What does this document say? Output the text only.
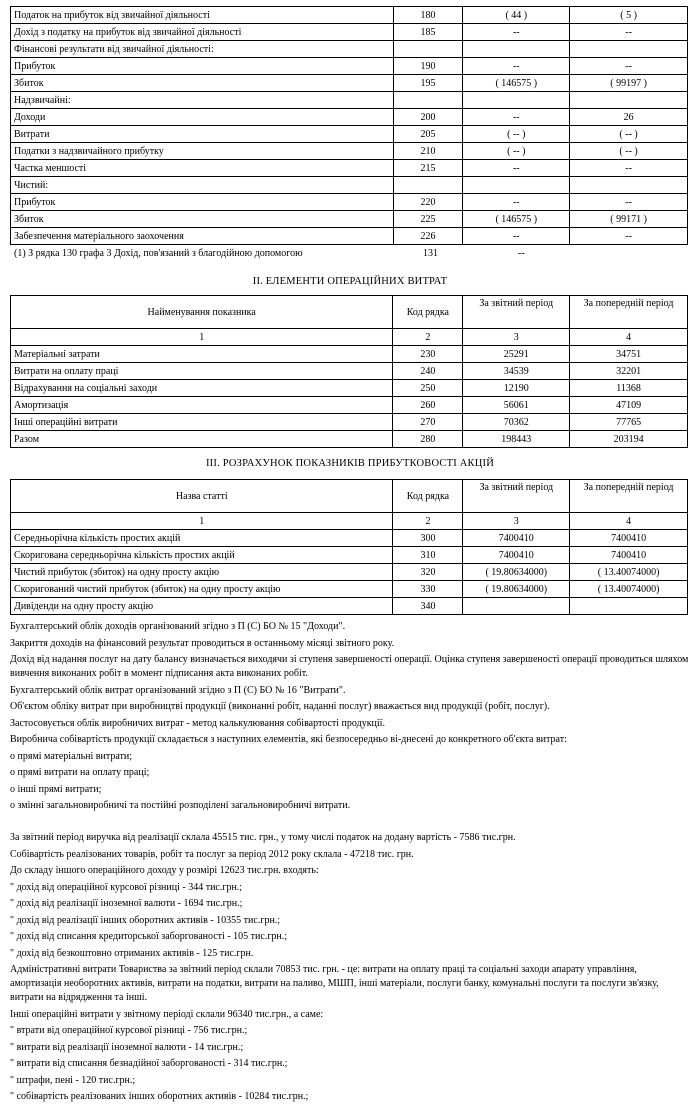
Податок на прибуток від звичайної діяльності	180	( 44 )	( 5 )
Дохід з податку на прибуток від звичайної діяльності	185	--	--
Фінансові результати від звичайної діяльності:			
Прибуток	190	--	--
Збиток	195	( 146575 )	( 99197 )
Надзвичайні:			
Доходи	200	--	26
Витрати	205	( -- )	( -- )
Податки з надзвичайного прибутку	210	( -- )	( -- )
Частка меншості	215	--	--
Чистий:			
Прибуток	220	--	--
Збиток	225	( 146575 )	( 99171 )
Забезпечення матеріального заохочення	226	--	--
(1) З рядка 130 графа 3 Дохід, пов'язаний з благодійною допомогою	131	--
II. ЕЛЕМЕНТИ ОПЕРАЦІЙНИХ ВИТРАТ
Найменування показника	Код рядка	За звітний період	За попередній період
1	2	3	4
Матеріальні затрати	230	25291	34751
Витрати на оплату праці	240	34539	32201
Відрахування на соціальні заходи	250	12190	11368
Амортизація	260	56061	47109
Інші операційні витрати	270	70362	77765
Разом	280	198443	203194
III. РОЗРАХУНОК ПОКАЗНИКІВ ПРИБУТКОВОСТІ АКЦІЙ
Назва статті	Код рядка	За звітний період	За попередній період
1	2	3	4
Середньорічна кількість простих акцій	300	7400410	7400410
Скоригована середньорічна кількість простих акцій	310	7400410	7400410
Чистий прибуток (збиток) на одну просту акцію	320	( 19.80634000)	( 13.40074000)
Скоригований чистий прибуток (збиток) на одну просту акцію	330	( 19.80634000)	( 13.40074000)
Дивіденди на одну просту акцію	340		
Бухгалтерський облік доходів організований згідно з П (С) БО № 15 "Доходи".
Закриття доходів на фінансовий результат проводиться в останньому місяці звітного року.
Дохід від надання послуг на дату балансу визначається виходячи зі ступеня завершеності операції. Оцінка ступеня завершеності операції проводиться шляхом вивчення виконаних робіт в момент підписання акта виконаних робіт.
Бухгалтерський облік витрат організований згідно з П (С) БО № 16 "Витрати".
Об'єктом обліку витрат при виробництві продукції (виконанні робіт, наданні послуг) вважається вид продукції (робіт, послуг).
Застосовується облік виробничих витрат - метод калькулювання собівартості продукції.
Виробнича собівартість продукції складається з наступних елементів, які безпосередньо ві-днесені до конкретного об'єкта витрат:
о прямі матеріальні витрати;
о прямі витрати на оплату праці;
о інші прямі витрати;
о змінні загальновиробничі та постійні розподілені загальновиробничі витрати.
За звітний період виручка від реалізації склала 45515 тис. грн., у тому числі податок на додану вартість - 7586 тис.грн.
Собівартість реалізованих товарів, робіт та послуг за період 2012 року склала - 47218 тис. грн.
До складу іншого операційного доходу у розмірі 12623 тис.грн. входять:
" дохід від операційної курсової різниці - 344 тис.грн.;
" дохід від реалізації іноземної валюти - 1694 тис.грн.;
" дохід від реалізації інших оборотних активів - 10355 тис.грн.;
" дохід від списання кредиторської заборгованості - 105 тис.грн.;
" дохід від безкоштовно отриманих активів - 125 тис.грн.
Адміністративні витрати Товариства за звітний період склали 70853 тис. грн. - це: витрати на оплату праці та соціальні заходи апарату управління, амортизація необоротних активів, витрати на податки, витрати на паливо, МШП, інші матеріали, послуги банку, комунальні послуги та послуги зв'язку, витрати на відрядження та інші.
Інші операційні витрати у звітному періоді склали 96340 тис.грн., а саме:
" втрати від операційної курсової різниці - 756 тис.грн.;
" витрати від реалізації іноземної валюти - 14 тис.грн.;
" витрати від списання безнадійної заборгованості - 314 тис.грн.;
" штрафи, пені - 120 тис.грн.;
" собівартість реалізованих інших оборотних активів - 10284 тис.грн.;
